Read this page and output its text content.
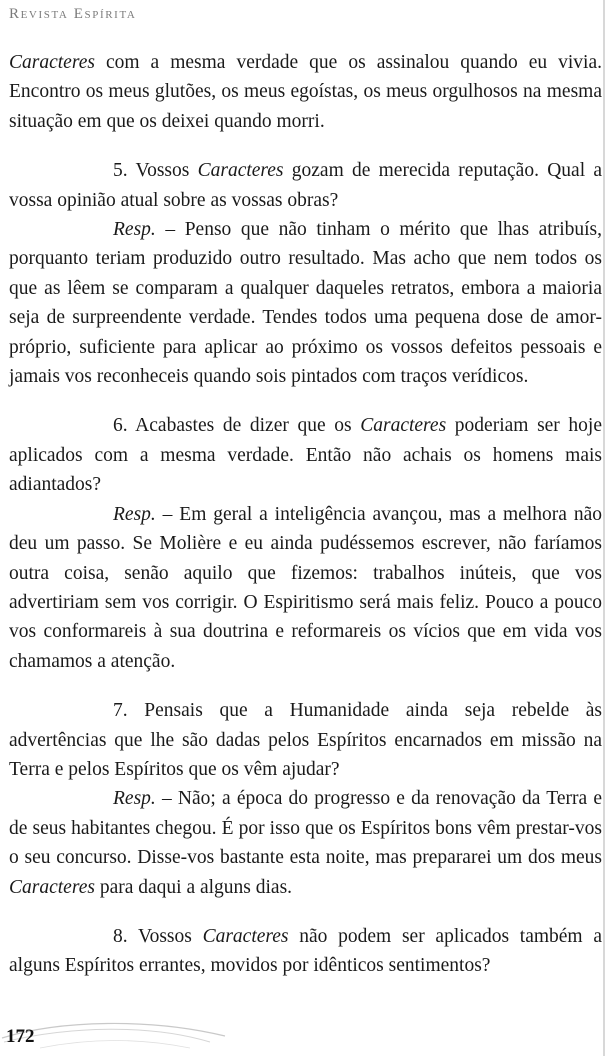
Revista Espírita

Caracteres com a mesma verdade que os assinalou quando eu vivia. Encontro os meus glutões, os meus egoístas, os meus orgulhosos na mesma situação em que os deixei quando morri.

5. Vossos Caracteres gozam de merecida reputação. Qual a vossa opinião atual sobre as vossas obras?

Resp. – Penso que não tinham o mérito que lhas atribuís, porquanto teriam produzido outro resultado. Mas acho que nem todos os que as lêem se comparam a qualquer daqueles retratos, embora a maioria seja de surpreendente verdade. Tendes todos uma pequena dose de amor-próprio, suficiente para aplicar ao próximo os vossos defeitos pessoais e jamais vos reconheceis quando sois pintados com traços verídicos.

6. Acabastes de dizer que os Caracteres poderiam ser hoje aplicados com a mesma verdade. Então não achais os homens mais adiantados?

Resp. – Em geral a inteligência avançou, mas a melhora não deu um passo. Se Molière e eu ainda pudéssemos escrever, não faríamos outra coisa, senão aquilo que fizemos: trabalhos inúteis, que vos advertiriam sem vos corrigir. O Espiritismo será mais feliz. Pouco a pouco vos conformareis à sua doutrina e reformareis os vícios que em vida vos chamamos a atenção.

7. Pensais que a Humanidade ainda seja rebelde às advertências que lhe são dadas pelos Espíritos encarnados em missão na Terra e pelos Espíritos que os vêm ajudar?

Resp. – Não; a época do progresso e da renovação da Terra e de seus habitantes chegou. É por isso que os Espíritos bons vêm prestar-vos o seu concurso. Disse-vos bastante esta noite, mas prepararei um dos meus Caracteres para daqui a alguns dias.

8. Vossos Caracteres não podem ser aplicados também a alguns Espíritos errantes, movidos por idênticos sentimentos?

172
